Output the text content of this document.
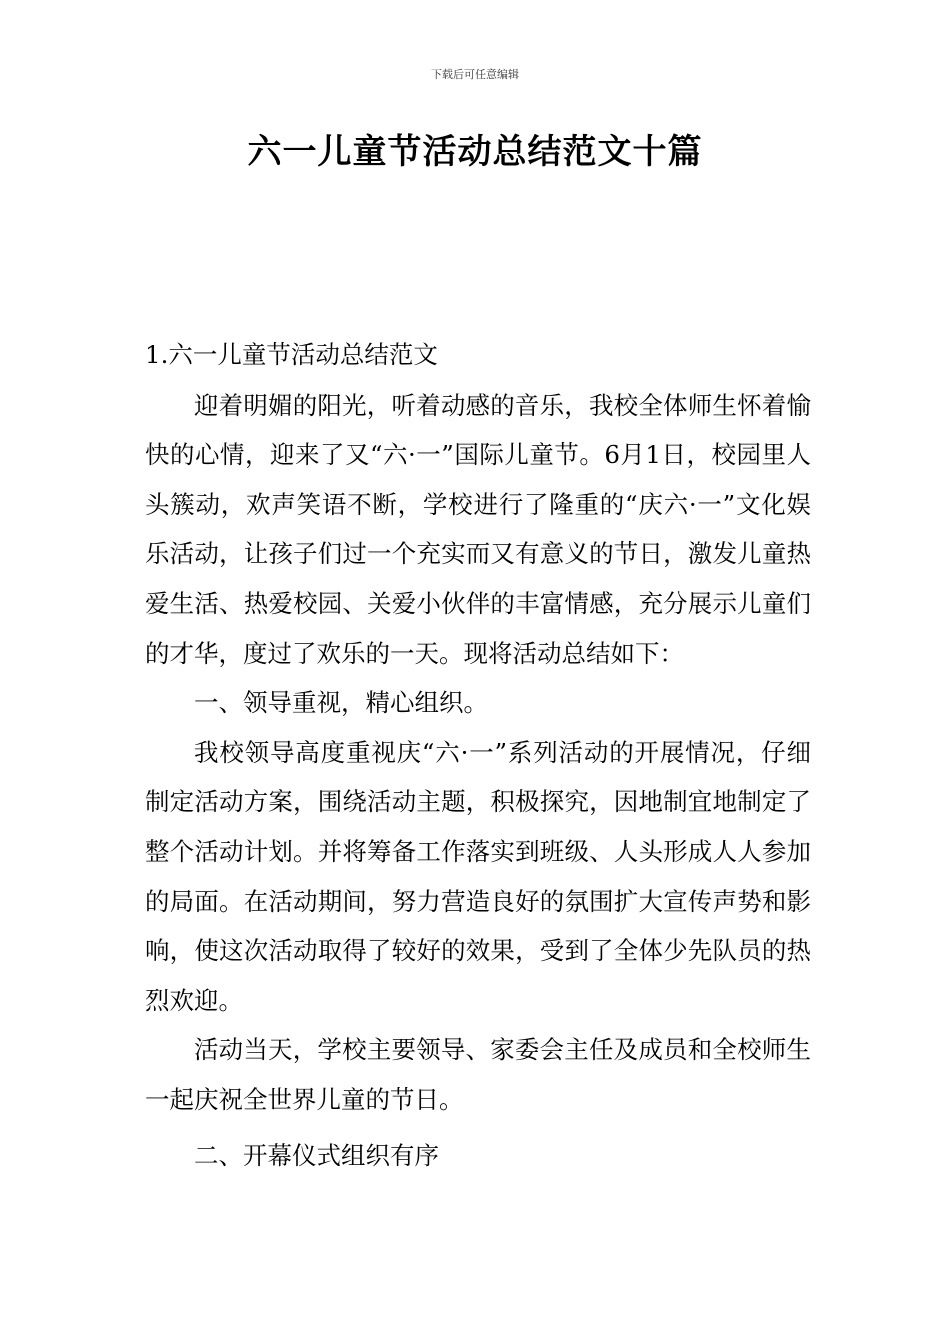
下载后可任意编辑
六一儿童节活动总结范文十篇

1.六一儿童节活动总结范文

迎着明媚的阳光，听着动感的音乐，我校全体师生怀着愉快的心情，迎来了又“六·一”国际儿童节。6月1日，校园里人头簇动，欢声笑语不断，学校进行了隆重的“庆六·一”文化娱乐活动，让孩子们过一个充实而又有意义的节日，激发儿童热爱生活、热爱校园、关爱小伙伴的丰富情感，充分展示儿童们的才华，度过了欢乐的一天。现将活动总结如下：

一、领导重视，精心组织。

我校领导高度重视庆“六·一”系列活动的开展情况，仔细制定活动方案，围绕活动主题，积极探究，因地制宜地制定了整个活动计划。并将筹备工作落实到班级、人头形成人人参加的局面。在活动期间，努力营造良好的氛围扩大宣传声势和影响，使这次活动取得了较好的效果，受到了全体少先队员的热烈欢迎。

活动当天，学校主要领导、家委会主任及成员和全校师生一起庆祝全世界儿童的节日。

二、开幕仪式组织有序
